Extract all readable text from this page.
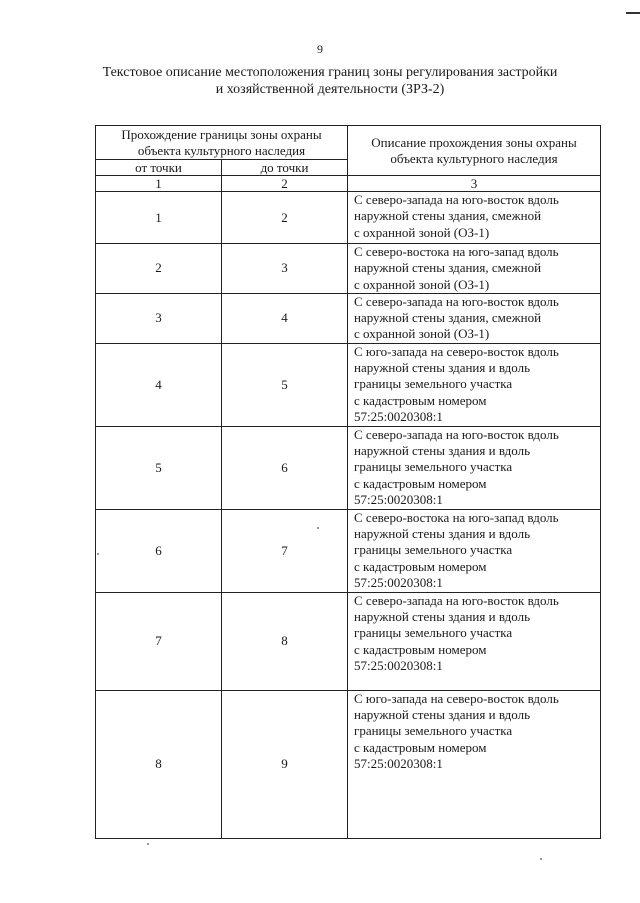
9
Текстовое описание местоположения границ зоны регулирования застройки
и хозяйственной деятельности (ЗРЗ-2)
Прохождение границы зоны охраны
объекта культурного наследия		Описание прохождения зоны охраны
объекта культурного наследия

от точки	до точки	
1	2	3
1	2	С северо-запада на юго-восток вдоль
наружной стены здания, смежной
с охранной зоной (ОЗ-1)

2	3	С северо-востока на юго-запад вдоль
наружной стены здания, смежной
с охранной зоной (ОЗ-1)

3	4	С северо-запада на юго-восток вдоль
наружной стены здания, смежной
с охранной зоной (ОЗ-1)

4	5	С юго-запада на северо-восток вдоль
наружной стены здания и вдоль
границы земельного участка
с кадастровым номером
57:25:0020308:1

5	6	С северо-запада на юго-восток вдоль
наружной стены здания и вдоль
границы земельного участка
с кадастровым номером
57:25:0020308:1

6	7	С северо-востока на юго-запад вдоль
наружной стены здания и вдоль
границы земельного участка
с кадастровым номером
57:25:0020308:1

7	8	С северо-запада на юго-восток вдоль
наружной стены здания и вдоль
границы земельного участка
с кадастровым номером
57:25:0020308:1

8	9	С юго-запада на северо-восток вдоль
наружной стены здания и вдоль
границы земельного участка
с кадастровым номером
57:25:0020308:1
